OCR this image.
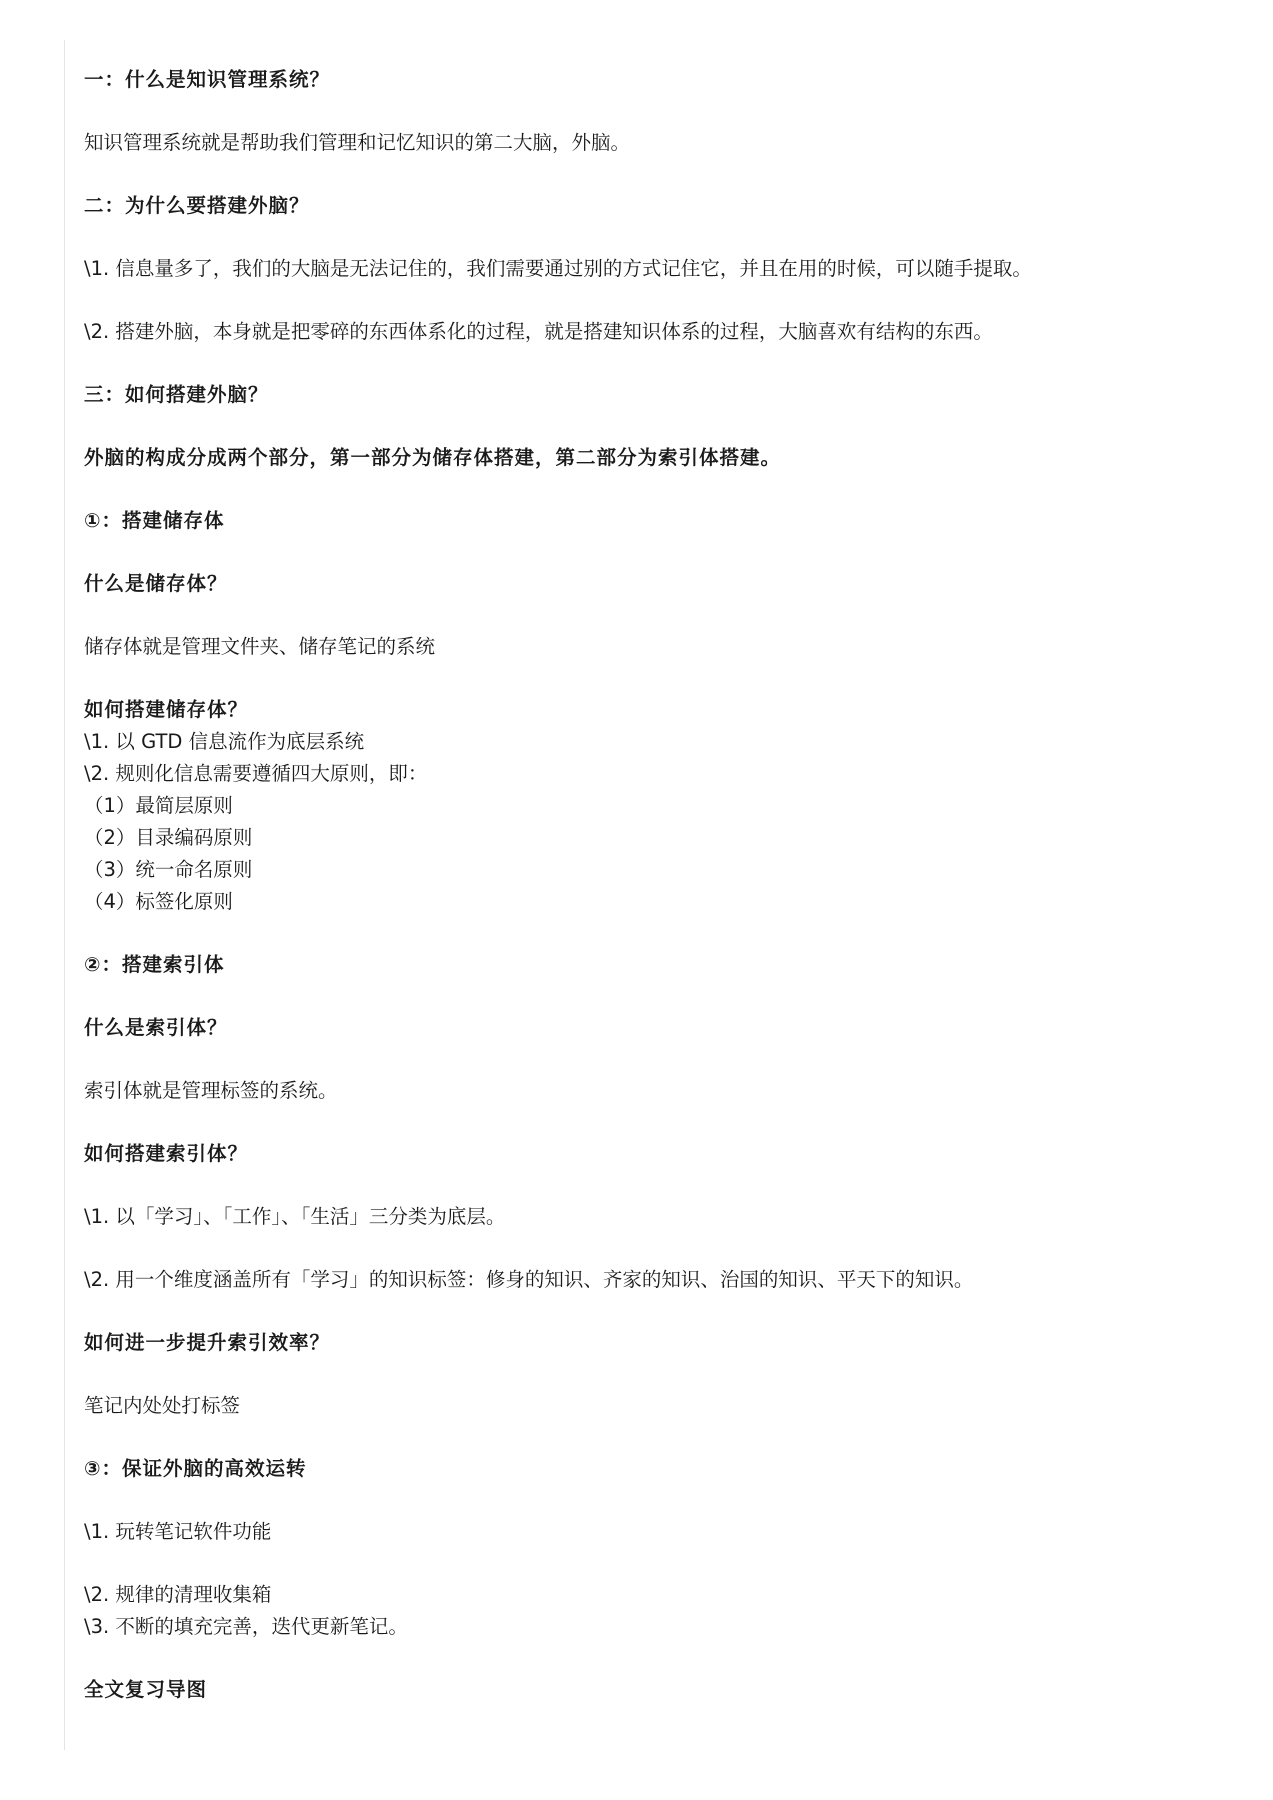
一：什么是知识管理系统？
知识管理系统就是帮助我们管理和记忆知识的第二大脑，外脑。
二：为什么要搭建外脑？
\1. 信息量多了，我们的大脑是无法记住的，我们需要通过别的方式记住它，并且在用的时候，可以随手提取。
\2. 搭建外脑，本身就是把零碎的东西体系化的过程，就是搭建知识体系的过程，大脑喜欢有结构的东西。
三：如何搭建外脑？
外脑的构成分成两个部分，第一部分为储存体搭建，第二部分为索引体搭建。
①：搭建储存体
什么是储存体？
储存体就是管理文件夹、储存笔记的系统
如何搭建储存体？
\1. 以 GTD 信息流作为底层系统
\2. 规则化信息需要遵循四大原则，即：
（1）最简层原则
（2）目录编码原则
（3）统一命名原则
（4）标签化原则
②：搭建索引体
什么是索引体？
索引体就是管理标签的系统。
如何搭建索引体？
\1. 以「学习」、「工作」、「生活」三分类为底层。
\2. 用一个维度涵盖所有「学习」的知识标签：修身的知识、齐家的知识、治国的知识、平天下的知识。
如何进一步提升索引效率？
笔记内处处打标签
③：保证外脑的高效运转
\1. 玩转笔记软件功能
\2. 规律的清理收集箱
\3. 不断的填充完善，迭代更新笔记。
全文复习导图
